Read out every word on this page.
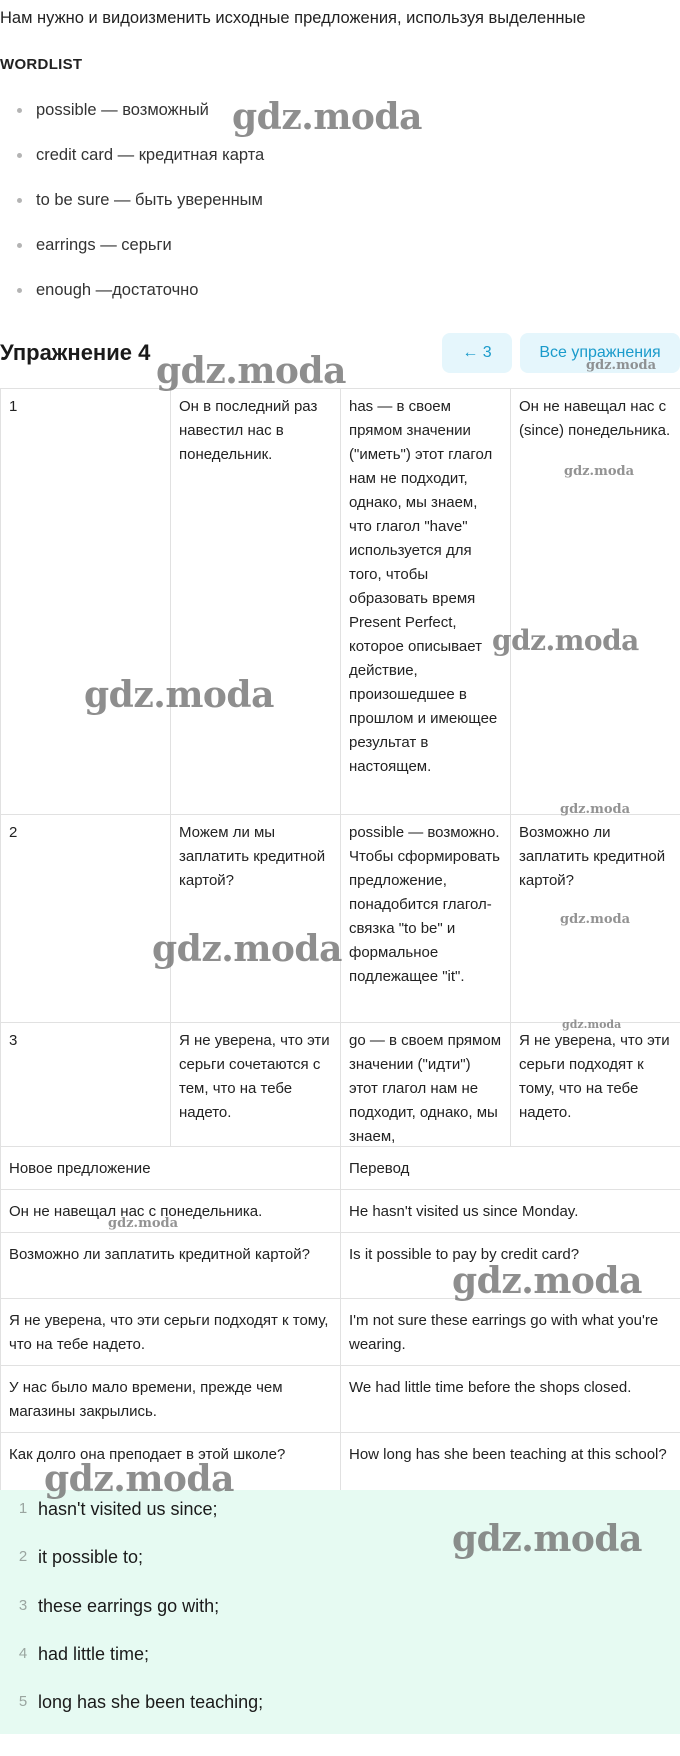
Нам нужно и видоизменить исходные предложения, используя выделенные
WORDLIST
possible — возможный
credit card — кредитная карта
to be sure — быть уверенным
earrings — серьги
enough —достаточно
Упражнение 4	← 3	Все упражнения
1	Он в последний раз навестил нас в понедельник.	has — в своем прямом значении ("иметь") этот глагол нам не подходит, однако, мы знаем, что глагол "have" используется для того, чтобы образовать время Present Perfect, которое описывает действие, произошедшее в прошлом и имеющее результат в настоящем.	Он не навещал нас с (since) понедельника.
2	Можем ли мы заплатить кредитной картой?	possible — возможно. Чтобы сформировать предложение, понадобится глагол-связка "to be" и формальное подлежащее "it".	Возможно ли заплатить кредитной картой?
3	Я не уверена, что эти серьги сочетаются с тем, что на тебе надето.	go — в своем прямом значении ("идти") этот глагол нам не подходит, однако, мы знаем,	Я не уверена, что эти серьги подходят к тому, что на тебе надето.
Новое предложение	Перевод
Он не навещал нас с понедельника.	He hasn't visited us since Monday.
Возможно ли заплатить кредитной картой?	Is it possible to pay by credit card?
Я не уверена, что эти серьги подходят к тому, что на тебе надето.	I'm not sure these earrings go with what you're wearing.
У нас было мало времени, прежде чем магазины закрылись.	We had little time before the shops closed.
Как долго она преподает в этой школе?	How long has she been teaching at this school?
1 hasn't visited us since;
2 it possible to;
3 these earrings go with;
4 had little time;
5 long has she been teaching;
gdz.moda
gdz.moda	gdz.moda
gdz.moda
gdz.moda
gdz.moda
gdz.moda
gdz.moda
gdz.moda
gdz.moda
gdz.moda
gdz.moda
gdz.moda
gdz.moda
